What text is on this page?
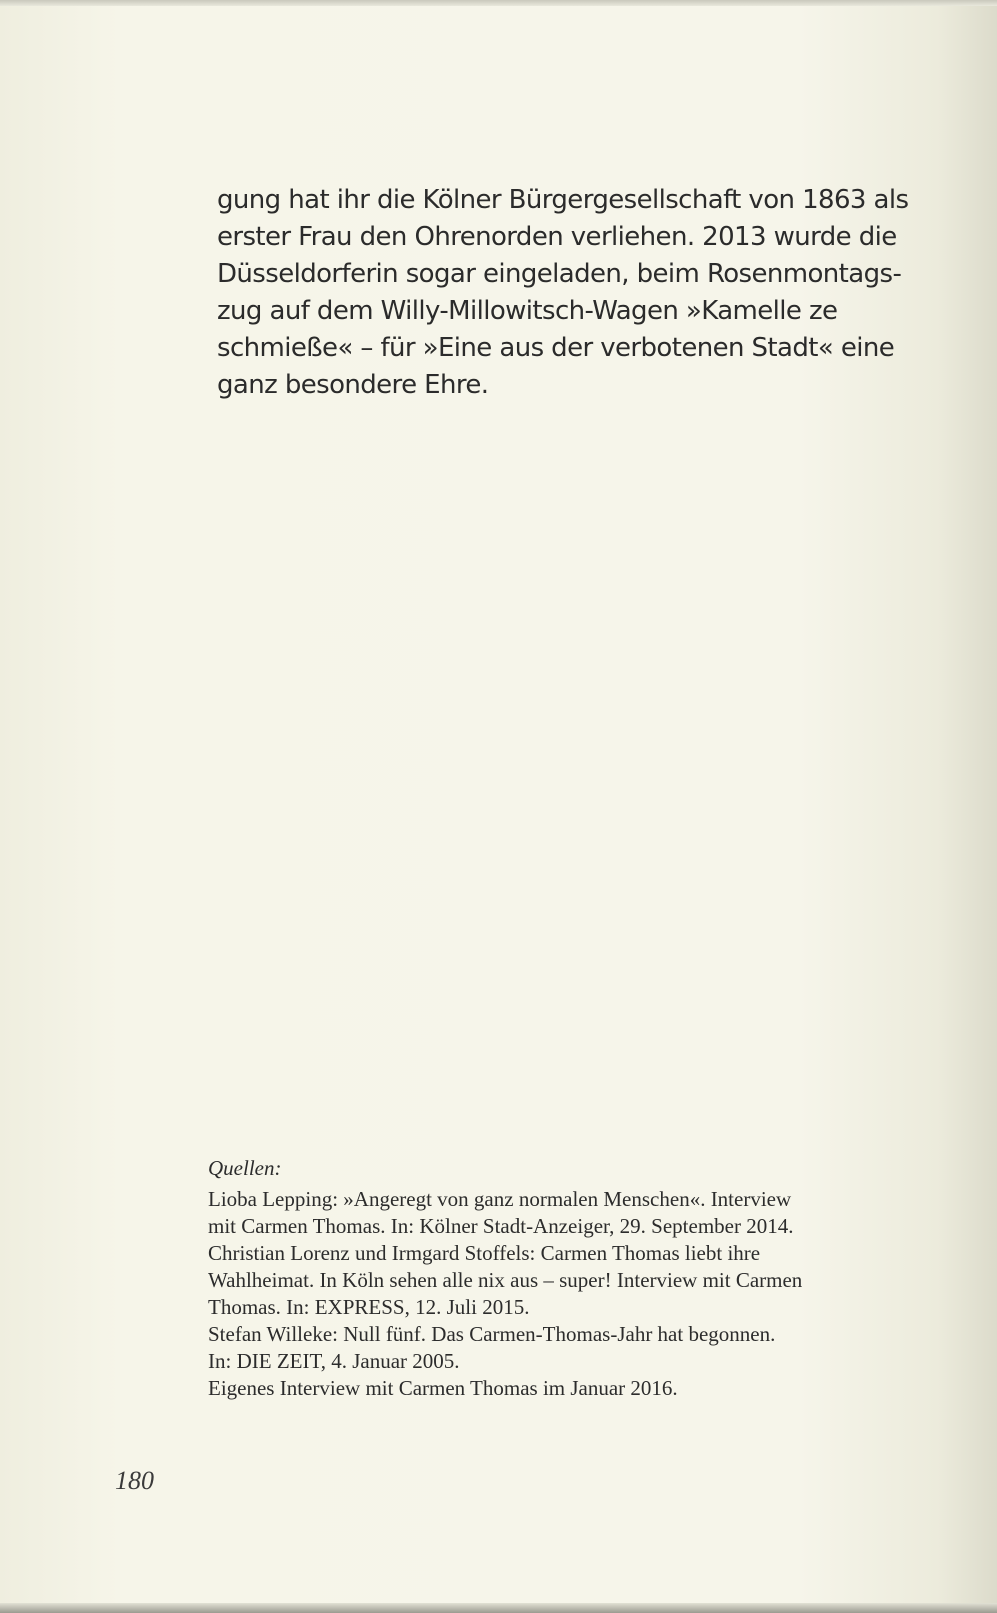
gung hat ihr die Kölner Bürgergesellschaft von 1863 als
erster Frau den Ohrenorden verliehen. 2013 wurde die
Düsseldorferin sogar eingeladen, beim Rosenmontags-
zug auf dem Willy-Millowitsch-Wagen »Kamelle ze
schmieße« – für »Eine aus der verbotenen Stadt« eine
ganz besondere Ehre.
Quellen:
Lioba Lepping: »Angeregt von ganz normalen Menschen«. Interview
mit Carmen Thomas. In: Kölner Stadt-Anzeiger, 29. September 2014.
Christian Lorenz und Irmgard Stoffels: Carmen Thomas liebt ihre
Wahlheimat. In Köln sehen alle nix aus – super! Interview mit Carmen
Thomas. In: EXPRESS, 12. Juli 2015.
Stefan Willeke: Null fünf. Das Carmen-Thomas-Jahr hat begonnen.
In: DIE ZEIT, 4. Januar 2005.
Eigenes Interview mit Carmen Thomas im Januar 2016.
180
